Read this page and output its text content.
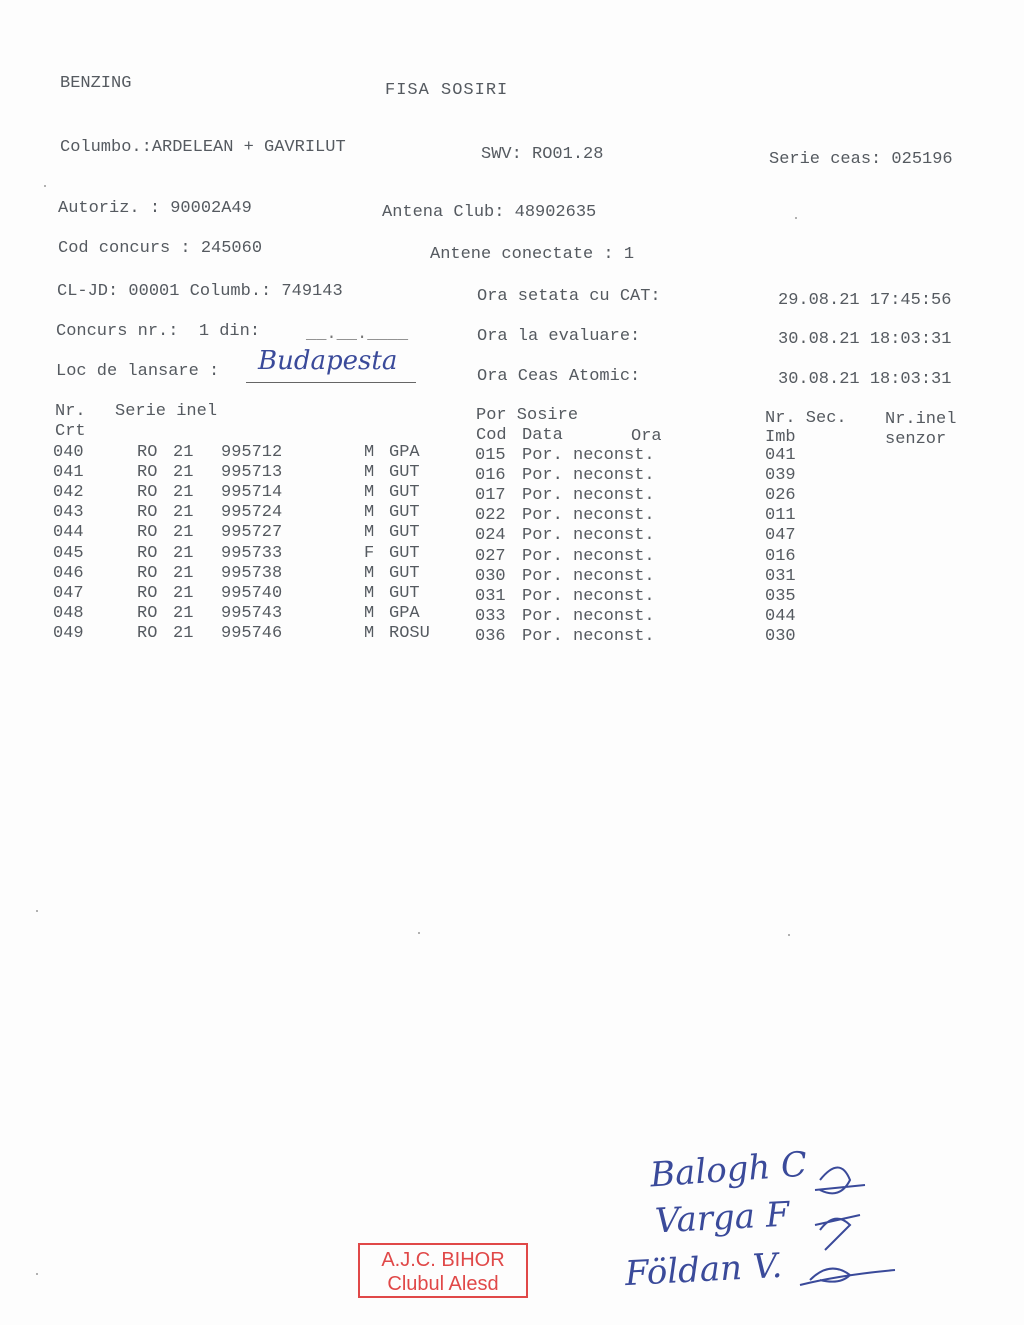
BENZING	FISA SOSIRI
Columbo.:ARDELEAN + GAVRILUT	SWV: RO01.28	Serie ceas: 025196
Autoriz. : 90002A49	Antena Club: 48902635
Cod concurs : 245060	Antene conectate : 1
CL-JD: 00001 Columb.: 749143	Ora setata cu CAT:	29.08.21 17:45:56
Concurs nr.:  1 din:	__.__.____	Ora la evaluare:	30.08.21 18:03:31
Loc de lansare : Budapesta
Ora Ceas Atomic:	30.08.21 18:03:31
Nr.
Crt
Serie inel	Por Sosire
Cod Data	Ora
Nr. Sec.
Imb
Nr.inel
senzor
040	RO 21 995712	M GPA	015 Por. neconst.	041
041	RO 21 995713	M GUT	016 Por. neconst.	039
042	RO 21 995714	M GUT	017 Por. neconst.	026
043	RO 21 995724	M GUT	022 Por. neconst.	011
044	RO 21 995727	M GUT	024 Por. neconst.	047
045	RO 21 995733	F GUT	027 Por. neconst.	016
046	RO 21 995738	M GUT	030 Por. neconst.	031
047	RO 21 995740	M GUT	031 Por. neconst.	035
048	RO 21 995743	M GPA	033 Por. neconst.	044
049	RO 21 995746	M ROSU	036 Por. neconst.	030
A.J.C. BIHOR
Clubul Alesd
Balogh C
Varga F
Földan V.
